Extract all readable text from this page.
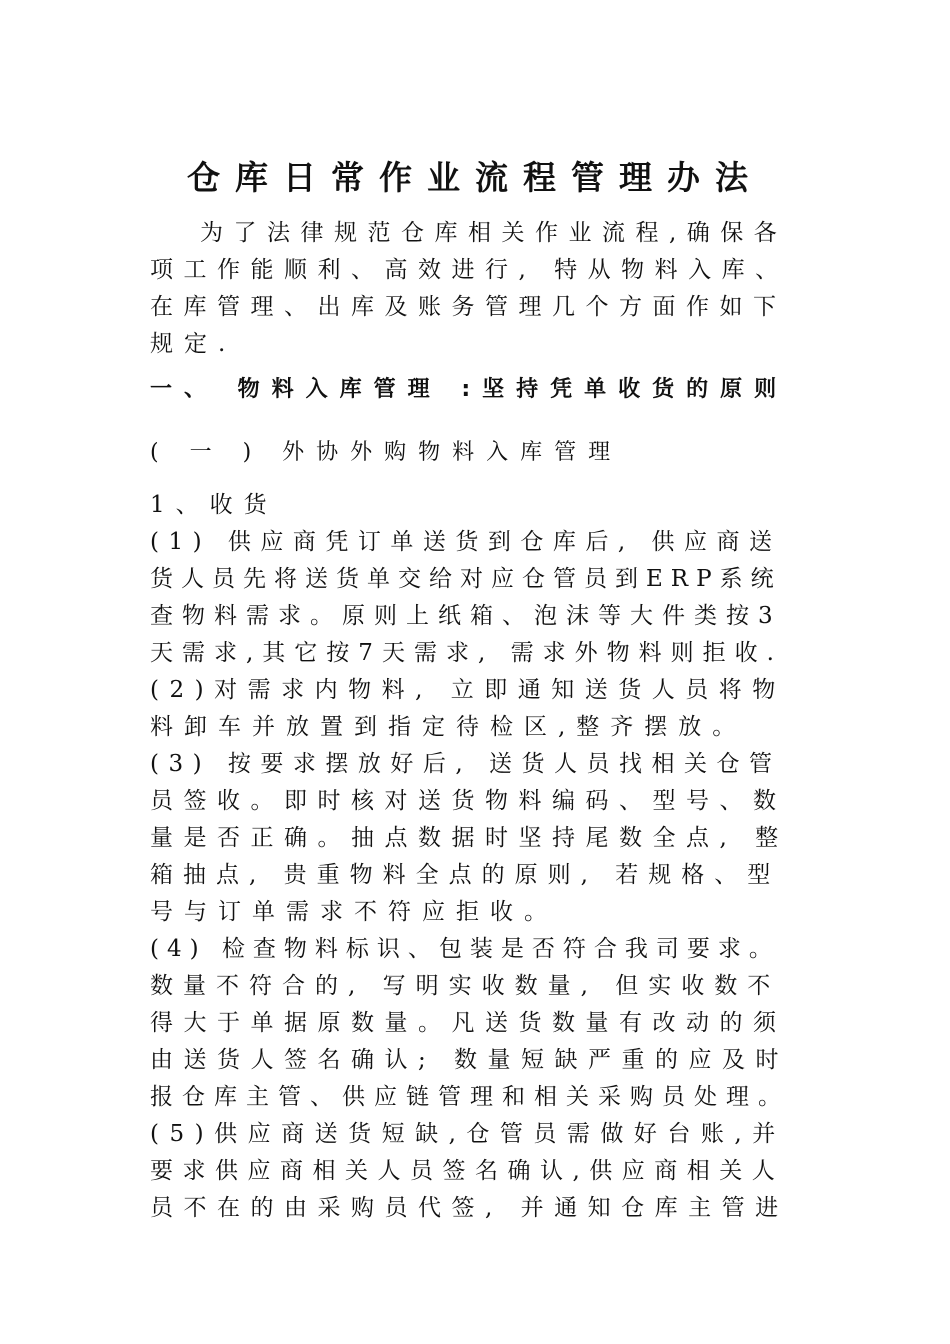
仓库日常作业流程管理办法
为了法律规范仓库相关作业流程,确保各
项工作能顺利、高效进行, 特从物料入库、
在库管理、出库及账务管理几个方面作如下
规定.
一、 物料入库管理 :坚持凭单收货的原则
( 一 ) 外协外购物料入库管理
1、收货
(1) 供应商凭订单送货到仓库后, 供应商送
货人员先将送货单交给对应仓管员到ERP系统
查物料需求。原则上纸箱、泡沫等大件类按3
天需求,其它按7天需求, 需求外物料则拒收.
(2)对需求内物料, 立即通知送货人员将物
料卸车并放置到指定待检区,整齐摆放。
(3) 按要求摆放好后, 送货人员找相关仓管
员签收。即时核对送货物料编码、型号、数
量是否正确。抽点数据时坚持尾数全点, 整
箱抽点, 贵重物料全点的原则, 若规格、型
号与订单需求不符应拒收。
(4) 检查物料标识、包装是否符合我司要求。
数量不符合的, 写明实收数量, 但实收数不
得大于单据原数量。凡送货数量有改动的须
由送货人签名确认; 数量短缺严重的应及时
报仓库主管、供应链管理和相关采购员处理。
(5)供应商送货短缺,仓管员需做好台账,并
要求供应商相关人员签名确认,供应商相关人
员不在的由采购员代签, 并通知仓库主管进
